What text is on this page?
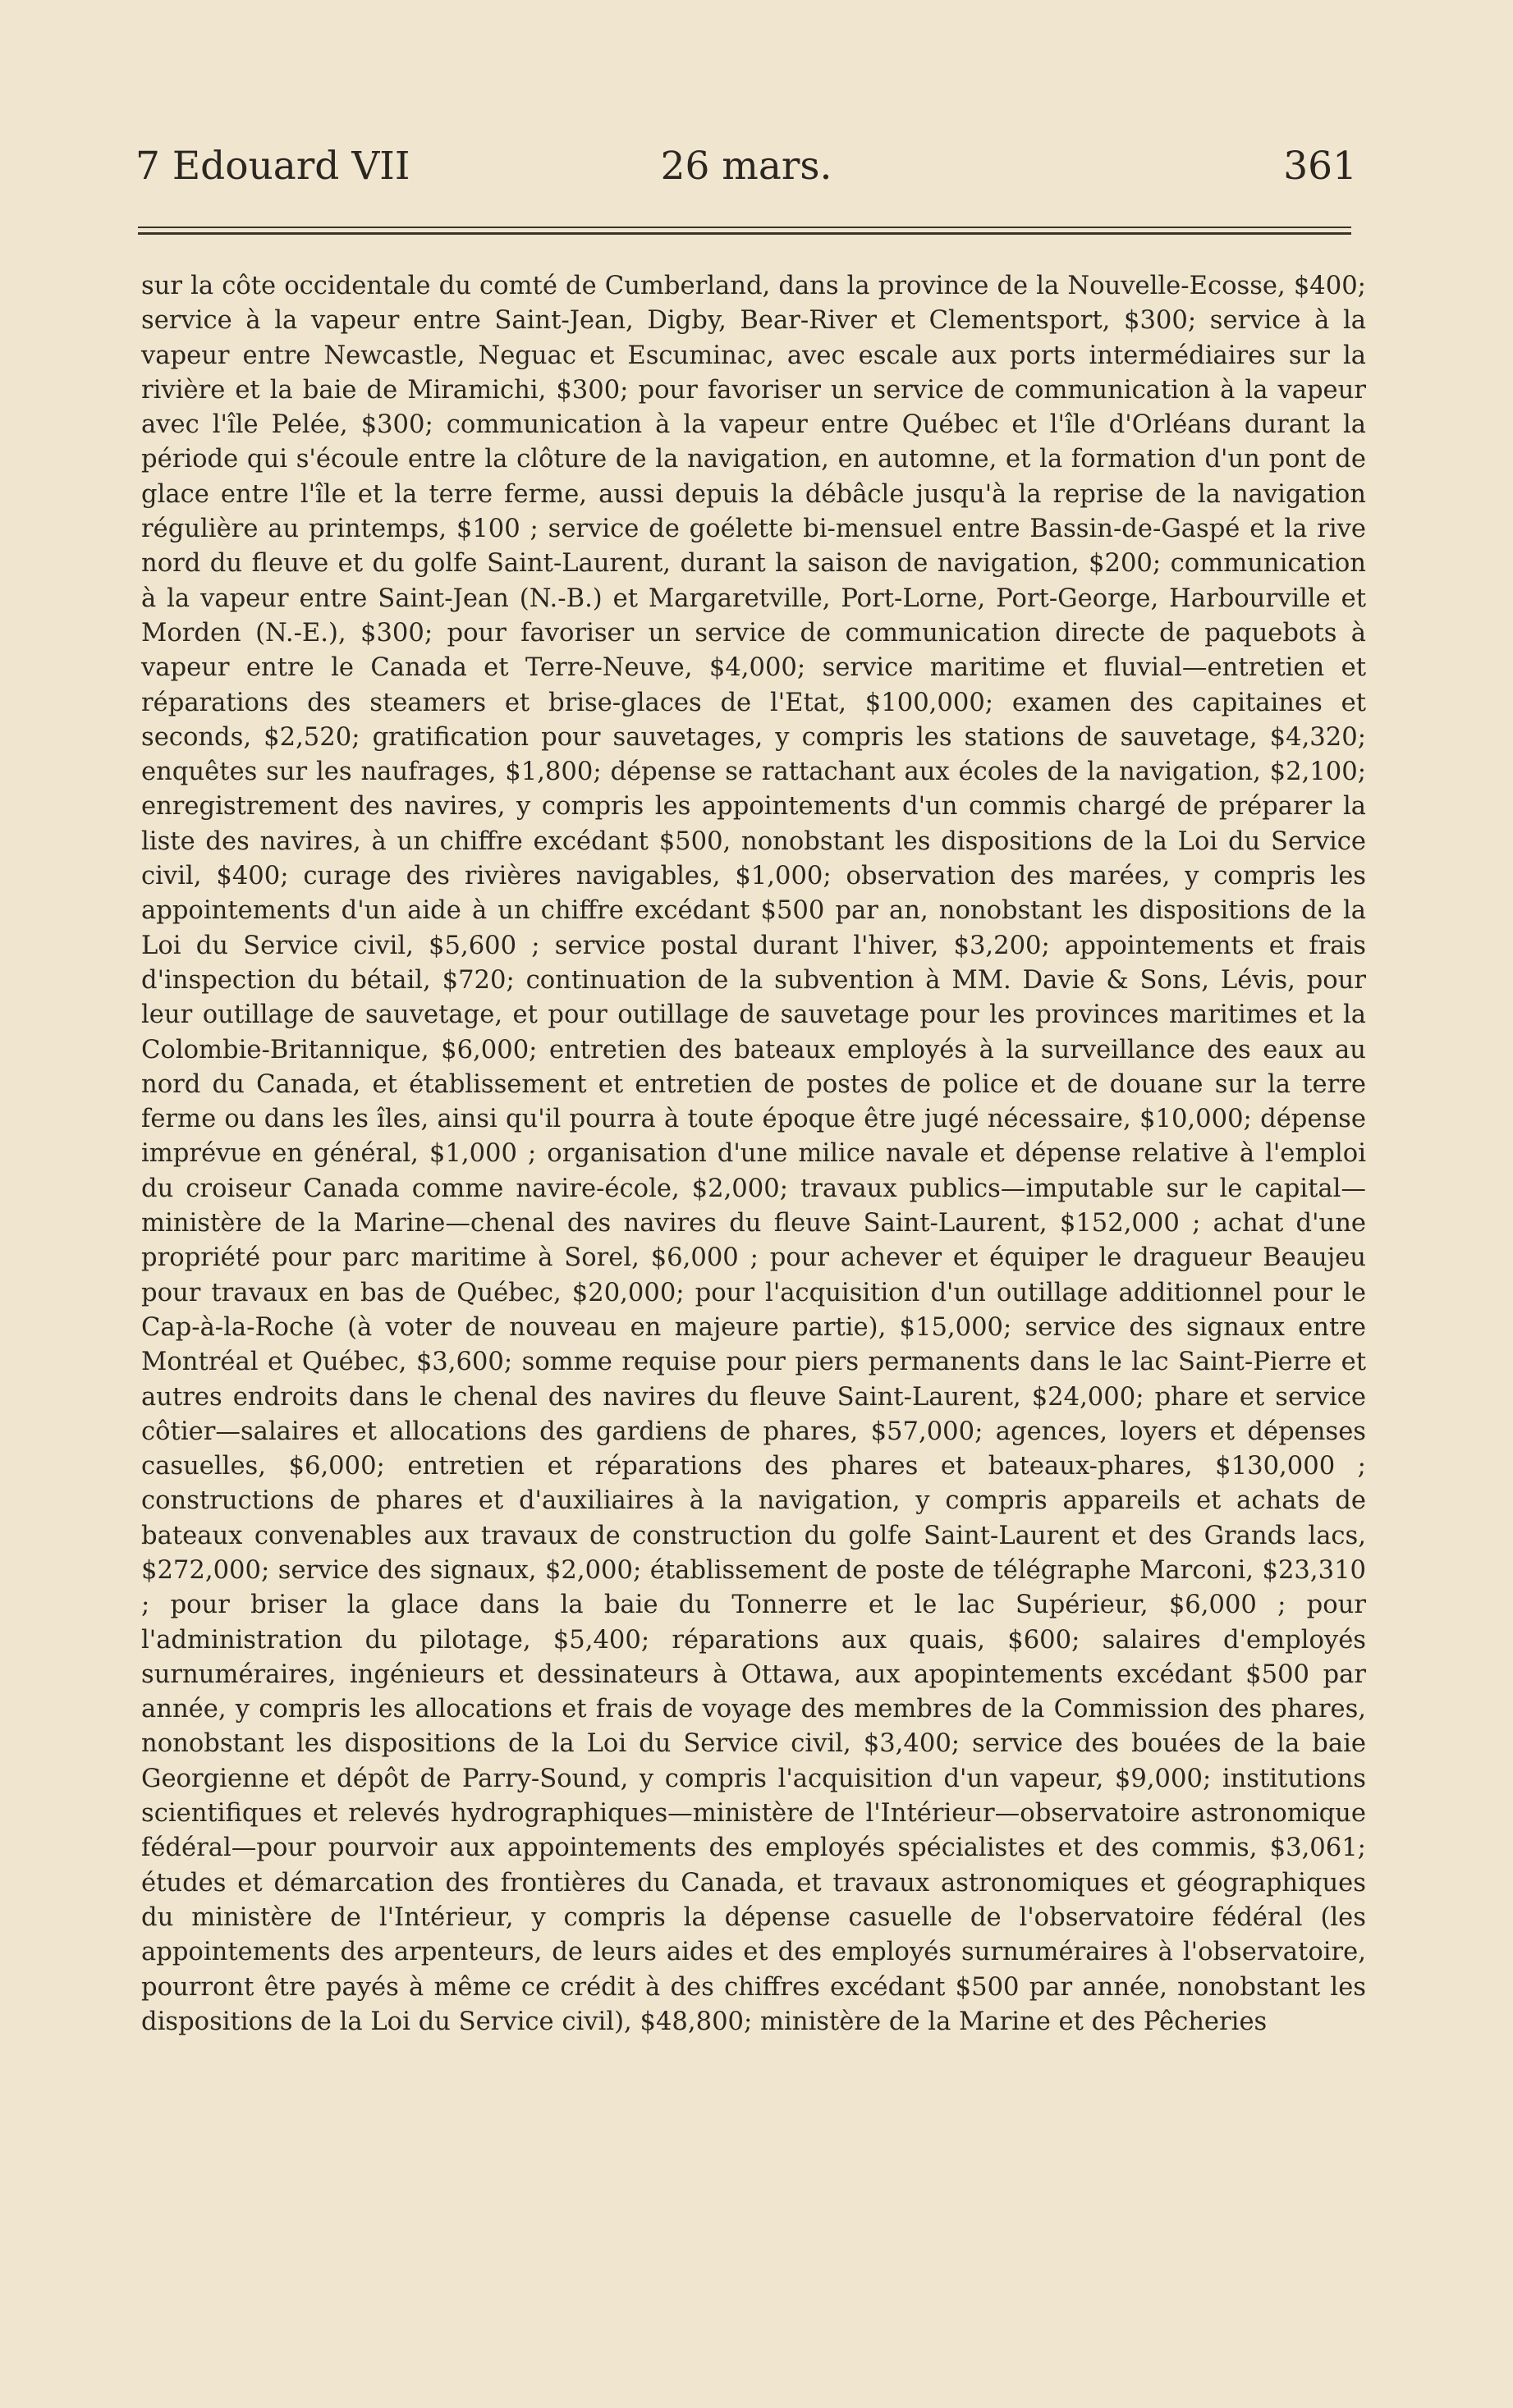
26 mars.
7 Edouard VII	361

sur la côte occidentale du comté de Cumberland, dans la province de la Nouvelle-Ecosse, $400; service à la vapeur entre Saint-Jean, Digby, Bear-River et Clementsport, $300; service à la vapeur entre Newcastle, Neguac et Escuminac, avec escale aux ports intermédiaires sur la rivière et la baie de Miramichi, $300; pour favoriser un service de communication à la vapeur avec l'île Pelée, $300; communication à la vapeur entre Québec et l'île d'Orléans durant la période qui s'écoule entre la clôture de la navigation, en automne, et la formation d'un pont de glace entre l'île et la terre ferme, aussi depuis la débâcle jusqu'à la reprise de la navigation régulière au printemps, $100 ; service de goélette bi-mensuel entre Bassin-de-Gaspé et la rive nord du fleuve et du golfe Saint-Laurent, durant la saison de navigation, $200; communication à la vapeur entre Saint-Jean (N.-B.) et Margaretville, Port-Lorne, Port-George, Harbourville et Morden (N.-E.), $300; pour favoriser un service de communication directe de paquebots à vapeur entre le Canada et Terre-Neuve, $4,000; service maritime et fluvial—entretien et réparations des steamers et brise-glaces de l'Etat, $100,000; examen des capitaines et seconds, $2,520; gratification pour sauvetages, y compris les stations de sauvetage, $4,320; enquêtes sur les naufrages, $1,800; dépense se rattachant aux écoles de la navigation, $2,100; enregistrement des navires, y compris les appointements d'un commis chargé de préparer la liste des navires, à un chiffre excédant $500, nonobstant les dispositions de la Loi du Service civil, $400; curage des rivières navigables, $1,000; observation des marées, y compris les appointements d'un aide à un chiffre excédant $500 par an, nonobstant les dispositions de la Loi du Service civil, $5,600 ; service postal durant l'hiver, $3,200; appointements et frais d'inspection du bétail, $720; continuation de la subvention à MM. Davie & Sons, Lévis, pour leur outillage de sauvetage, et pour outillage de sauvetage pour les provinces maritimes et la Colombie-Britannique, $6,000; entretien des bateaux employés à la surveillance des eaux au nord du Canada, et établissement et entretien de postes de police et de douane sur la terre ferme ou dans les îles, ainsi qu'il pourra à toute époque être jugé nécessaire, $10,000; dépense imprévue en général, $1,000 ; organisation d'une milice navale et dépense relative à l'emploi du croiseur Canada comme navire-école, $2,000; travaux publics—imputable sur le capital—ministère de la Marine—chenal des navires du fleuve Saint-Laurent, $152,000 ; achat d'une propriété pour parc maritime à Sorel, $6,000 ; pour achever et équiper le dragueur Beaujeu pour travaux en bas de Québec, $20,000; pour l'acquisition d'un outillage additionnel pour le Cap-à-la-Roche (à voter de nouveau en majeure partie), $15,000; service des signaux entre Montréal et Québec, $3,600; somme requise pour piers permanents dans le lac Saint-Pierre et autres endroits dans le chenal des navires du fleuve Saint-Laurent, $24,000; phare et service côtier—salaires et allocations des gardiens de phares, $57,000; agences, loyers et dépenses casuelles, $6,000; entretien et réparations des phares et bateaux-phares, $130,000 ; constructions de phares et d'auxiliaires à la navigation, y compris appareils et achats de bateaux convenables aux travaux de construction du golfe Saint-Laurent et des Grands lacs, $272,000; service des signaux, $2,000; établissement de poste de télégraphe Marconi, $23,310 ; pour briser la glace dans la baie du Tonnerre et le lac Supérieur, $6,000 ; pour l'administration du pilotage, $5,400; réparations aux quais, $600; salaires d'employés surnuméraires, ingénieurs et dessinateurs à Ottawa, aux apopintements excédant $500 par année, y compris les allocations et frais de voyage des membres de la Commission des phares, nonobstant les dispositions de la Loi du Service civil, $3,400; service des bouées de la baie Georgienne et dépôt de Parry-Sound, y compris l'acquisition d'un vapeur, $9,000; institutions scientifiques et relevés hydrographiques—ministère de l'Intérieur—observatoire astronomique fédéral—pour pourvoir aux appointements des employés spécialistes et des commis, $3,061; études et démarcation des frontières du Canada, et travaux astronomiques et géographiques du ministère de l'Intérieur, y compris la dépense casuelle de l'observatoire fédéral (les appointements des arpenteurs, de leurs aides et des employés surnuméraires à l'observatoire, pourront être payés à même ce crédit à des chiffres excédant $500 par année, nonobstant les dispositions de la Loi du Service civil), $48,800; ministère de la Marine et des Pêcheries
